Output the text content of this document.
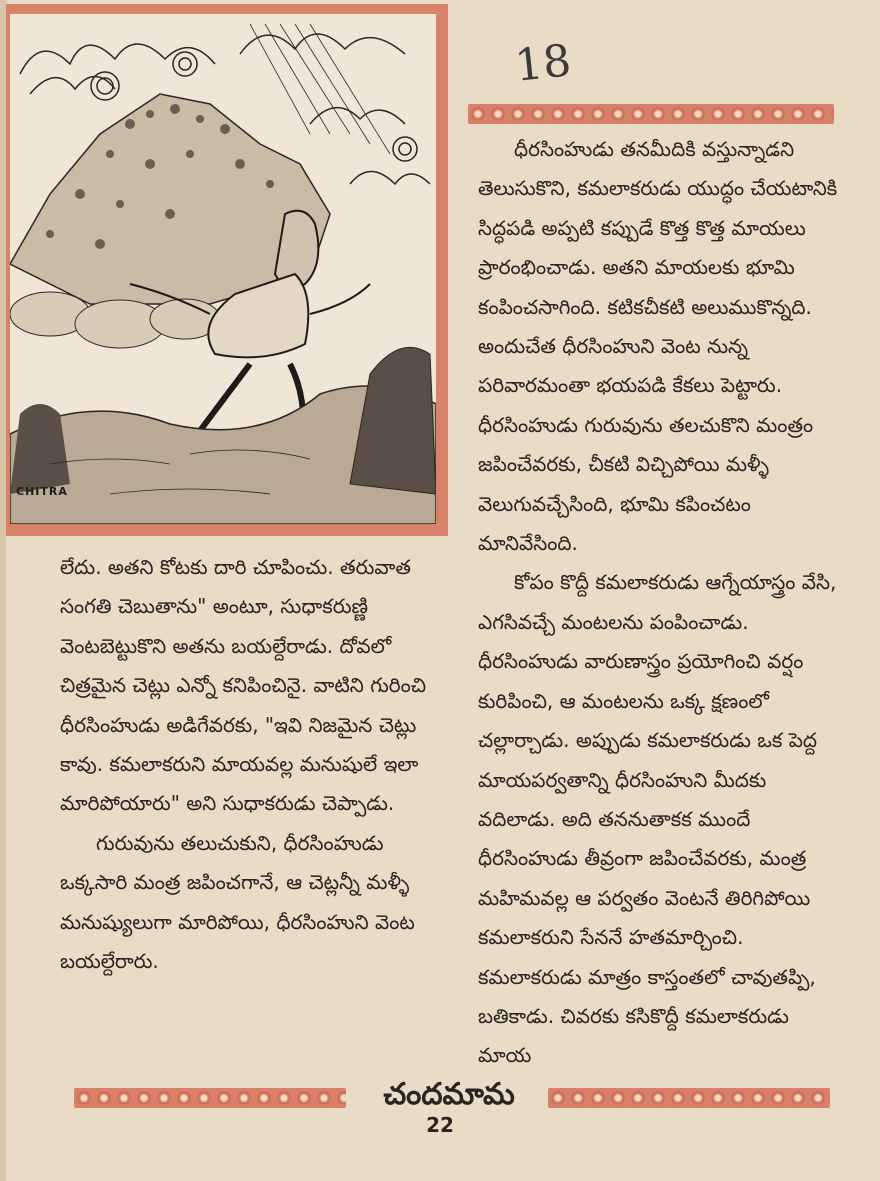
CHITRA
18

ధీరసింహుడు తనమీదికి వస్తున్నాడని తెలుసుకొని, కమలాకరుడు యుద్ధం చేయటానికి సిద్ధపడి అప్పటి కప్పుడే కొత్త కొత్త మాయలు ప్రారంభించాడు. అతని మాయలకు భూమి కంపించసాగింది. కటికచీకటి అలుముకొన్నది. అందుచేత ధీరసింహుని వెంట నున్న పరివారమంతా భయపడి కేకలు పెట్టారు. ధీరసింహుడు గురువును తలచుకొని మంత్రం జపించేవరకు, చీకటి విచ్చిపోయి మళ్ళీ వెలుగువచ్చేసింది, భూమి కపించటం మానివేసింది.

కోపం కొద్దీ కమలాకరుడు ఆగ్నేయాస్త్రం వేసి, ఎగసివచ్చే మంటలను పంపించాడు. ధీరసింహుడు వారుణాస్త్రం ప్రయోగించి వర్షం కురిపించి, ఆ మంటలను ఒక్క క్షణంలో చల్లార్చాడు. అప్పుడు కమలాకరుడు ఒక పెద్ద మాయపర్వతాన్ని ధీరసింహుని మీదకు వదిలాడు. అది తననుతాకక ముందే ధీరసింహుడు తీవ్రంగా జపించేవరకు, మంత్ర మహిమవల్ల ఆ పర్వతం వెంటనే తిరిగిపోయి కమలాకరుని సేననే హతమార్చించి. కమలాకరుడు మాత్రం కాస్తంతలో చావుతప్పి, బతికాడు. చివరకు కసికొద్దీ కమలాకరుడు మాయ

లేదు. అతని కోటకు దారి చూపించు. తరువాత సంగతి చెబుతాను" అంటూ, సుధాకరుణ్ణి వెంటబెట్టుకొని అతను బయల్దేరాడు. దోవలో చిత్రమైన చెట్లు ఎన్నో కనిపించినై. వాటిని గురించి ధీరసింహుడు అడిగేవరకు, "ఇవి నిజమైన చెట్లు కావు. కమలాకరుని మాయవల్ల మనుషులే ఇలా మారిపోయారు" అని సుధాకరుడు చెప్పాడు.

గురువును తలుచుకుని, ధీరసింహుడు ఒక్కసారి మంత్ర జపించగానే, ఆ చెట్లన్నీ మళ్ళీ మనుష్యులుగా మారిపోయి, ధీరసింహుని వెంట బయల్దేరారు.

చందమామ
22
